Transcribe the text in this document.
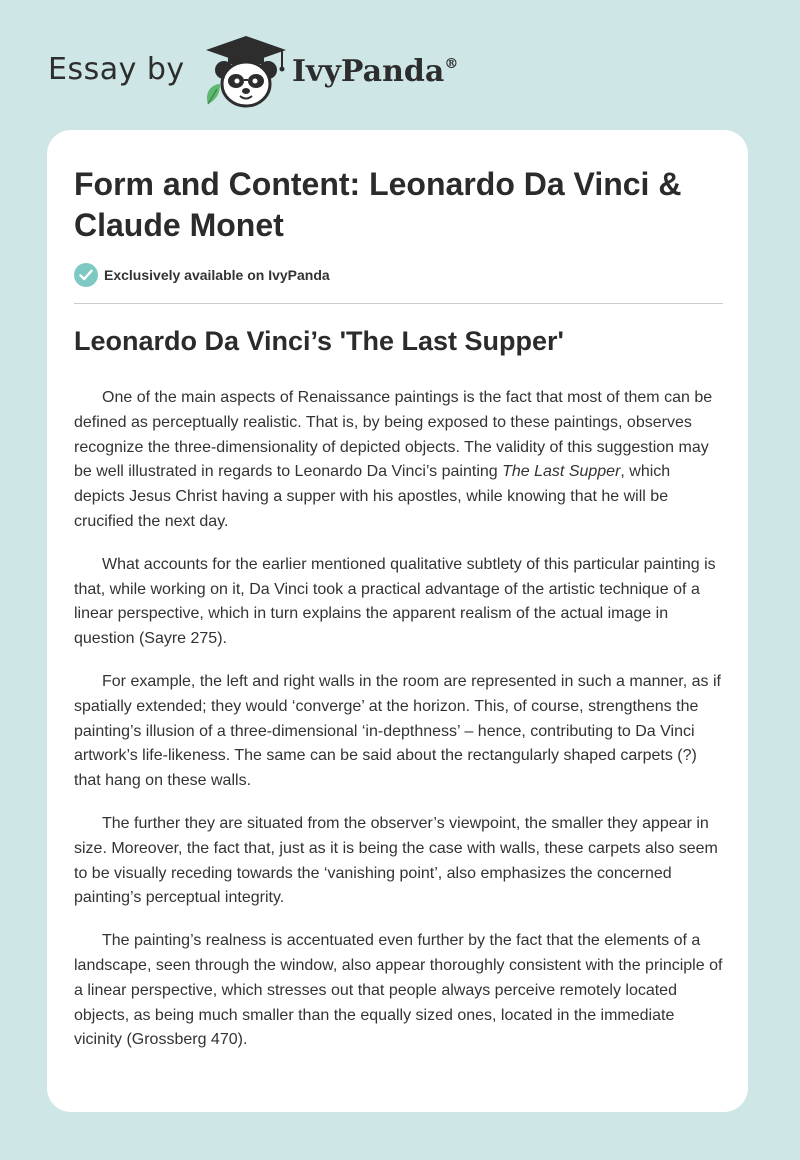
Essay by	IvyPanda®
Form and Content: Leonardo Da Vinci & Claude Monet
Exclusively available on IvyPanda
Leonardo Da Vinci’s 'The Last Supper'

One of the main aspects of Renaissance paintings is the fact that most of them can be defined as perceptually realistic. That is, by being exposed to these paintings, observes recognize the three-dimensionality of depicted objects. The validity of this suggestion may be well illustrated in regards to Leonardo Da Vinci’s painting The Last Supper, which depicts Jesus Christ having a supper with his apostles, while knowing that he will be crucified the next day.

What accounts for the earlier mentioned qualitative subtlety of this particular painting is that, while working on it, Da Vinci took a practical advantage of the artistic technique of a linear perspective, which in turn explains the apparent realism of the actual image in question (Sayre 275).

For example, the left and right walls in the room are represented in such a manner, as if spatially extended; they would ‘converge’ at the horizon. This, of course, strengthens the painting’s illusion of a three-dimensional ‘in-depthness’ – hence, contributing to Da Vinci artwork’s life-likeness. The same can be said about the rectangularly shaped carpets (?) that hang on these walls.

The further they are situated from the observer’s viewpoint, the smaller they appear in size. Moreover, the fact that, just as it is being the case with walls, these carpets also seem to be visually receding towards the ‘vanishing point’, also emphasizes the concerned painting’s perceptual integrity.

The painting’s realness is accentuated even further by the fact that the elements of a landscape, seen through the window, also appear thoroughly consistent with the principle of a linear perspective, which stresses out that people always perceive remotely located objects, as being much smaller than the equally sized ones, located in the immediate vicinity (Grossberg 470).
